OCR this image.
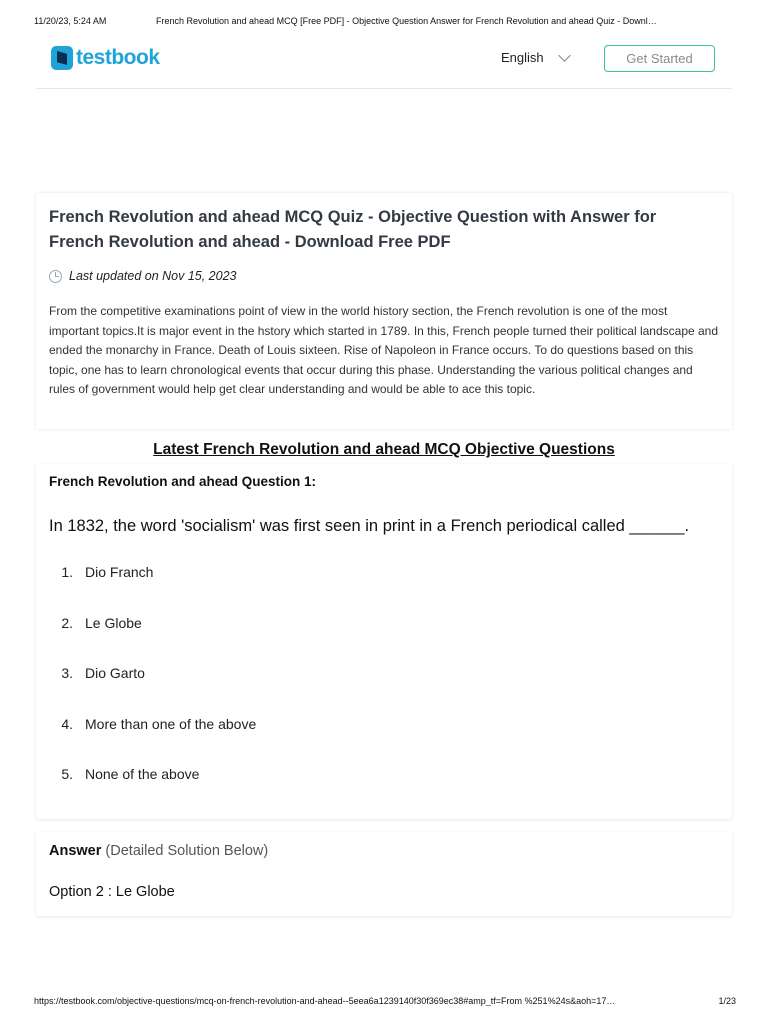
11/20/23, 5:24 AM	French Revolution and ahead MCQ [Free PDF] - Objective Question Answer for French Revolution and ahead Quiz - Downl…
testbook	English	Get Started
French Revolution and ahead MCQ Quiz - Objective Question with Answer for French Revolution and ahead - Download Free PDF
Last updated on Nov 15, 2023
From the competitive examinations point of view in the world history section, the French revolution is one of the most important topics.It is major event in the hstory which started in 1789. In this, French people turned their political landscape and ended the monarchy in France. Death of Louis sixteen. Rise of Napoleon in France occurs. To do questions based on this topic, one has to learn chronological events that occur during this phase. Understanding the various political changes and rules of government would help get clear understanding and would be able to ace this topic.
Latest French Revolution and ahead MCQ Objective Questions
French Revolution and ahead Question 1:
In 1832, the word 'socialism' was first seen in print in a French periodical called ______.
1. Dio Franch
2. Le Globe
3. Dio Garto
4. More than one of the above
5. None of the above
Answer (Detailed Solution Below)
Option 2 : Le Globe
https://testbook.com/objective-questions/mcq-on-french-revolution-and-ahead--5eea6a1239140f30f369ec38#amp_tf=From %251%24s&aoh=17…	1/23
